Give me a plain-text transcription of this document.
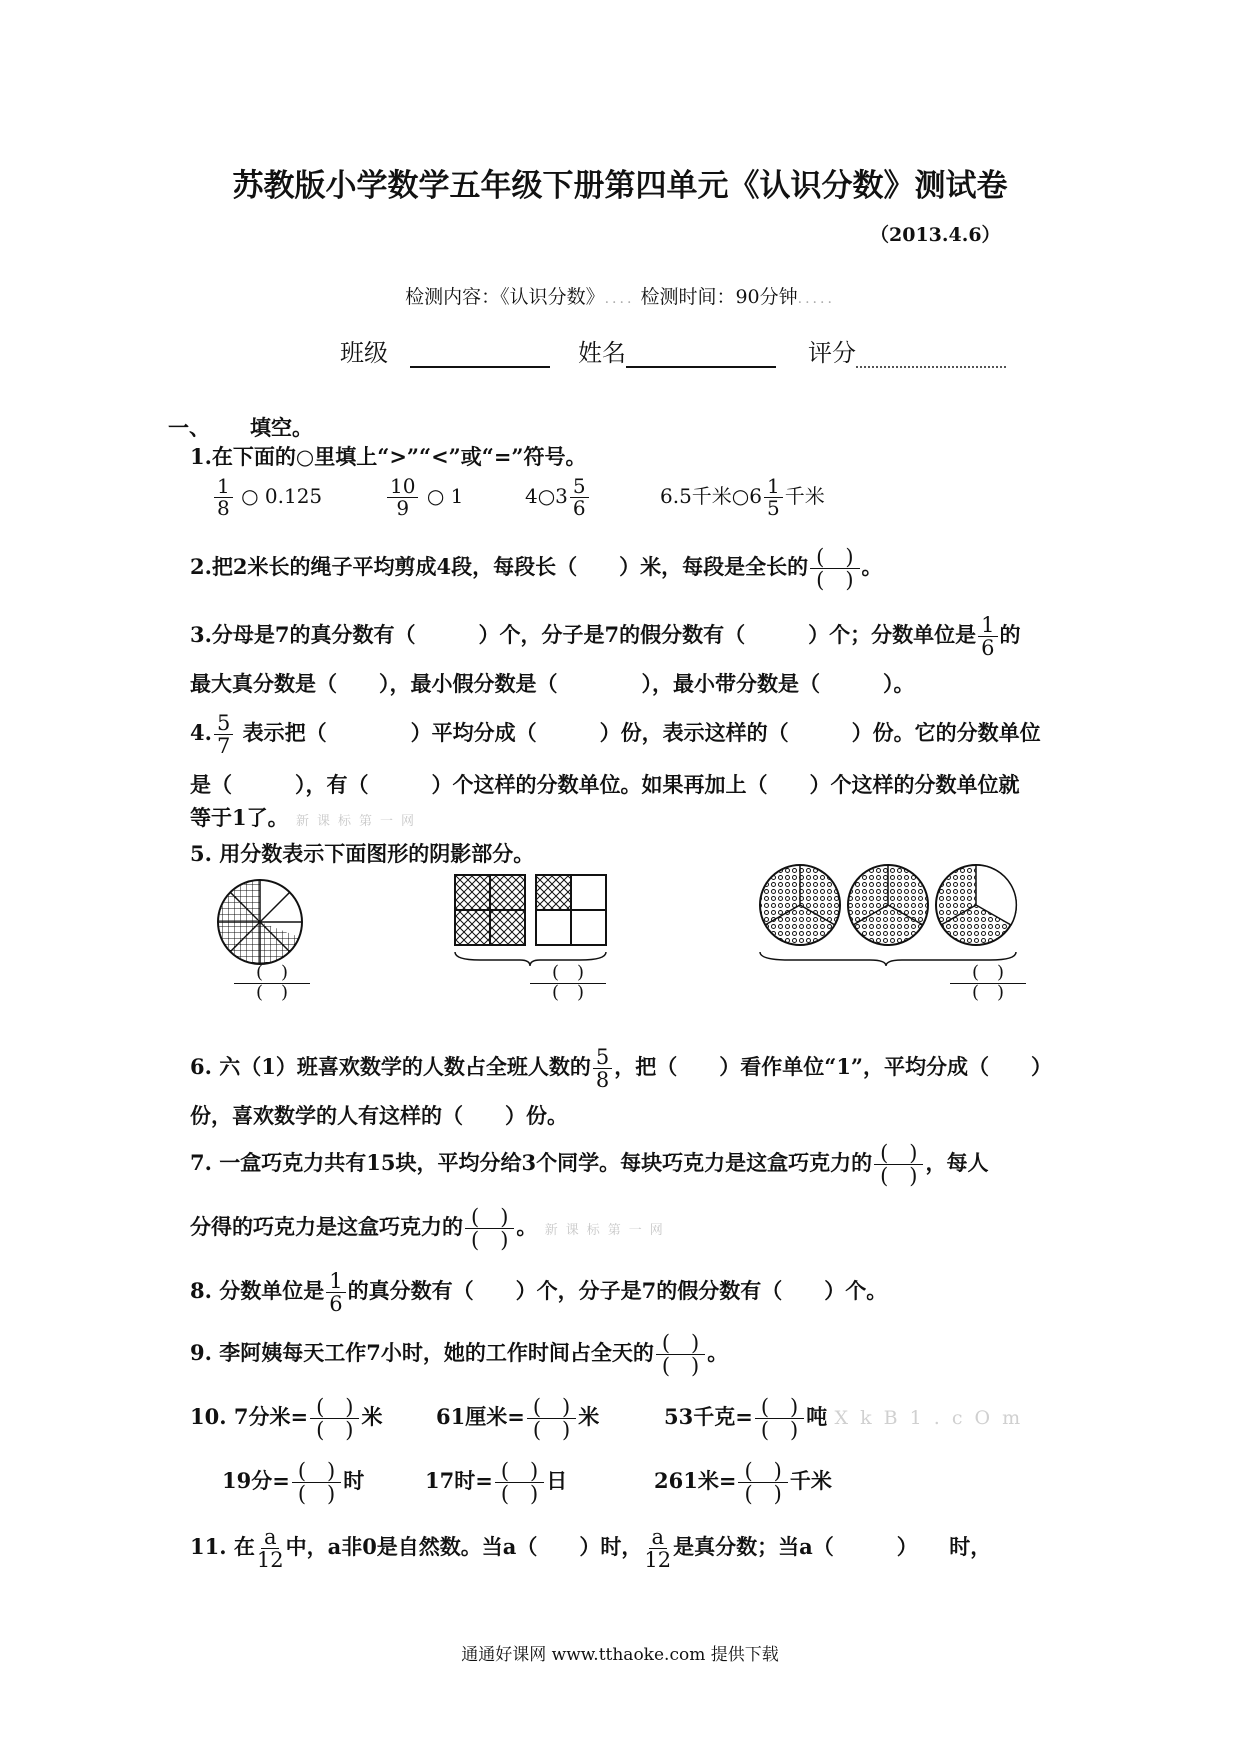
苏教版小学数学五年级下册第四单元《认识分数》测试卷
（2013.4.6）
检测内容：《认识分数》.... 检测时间：90分钟.....
班级	姓名	评分
一、 填空。
1.在下面的○里填上“>”“<”或“=”符号。
$\frac{1}{8}$ ○ 0.125	$\frac{10}{9}$ ○ 1	4○3 $\frac{5}{6}$	6.5千米○6 $\frac{1}{5}$ 千米
2.把2米长的绳子平均剪成4段，每段长（　　）米，每段是全长的 $\frac{( )}{( )}$ 。
3.分母是7的真分数有（　　　）个，分子是7的假分数有（　　　）个；分数单位是 $\frac{1}{6}$ 的
最大真分数是（　　），最小假分数是（　　　　），最小带分数是（　　　）。
4. $\frac{5}{7}$ 表示把（　　　　）平均分成（　　　）份，表示这样的（　　　）份。它的分数单位
是（　　　），有（　　　）个这样的分数单位。如果再加上（　　）个这样的分数单位就
等于1了。 新课标第一网
5. 用分数表示下面图形的阴影部分。
$\frac{( )}{( )}$	$\frac{( )}{( )}$	$\frac{( )}{( )}$
6. 六（1）班喜欢数学的人数占全班人数的 $\frac{5}{8}$ ，把（　　）看作单位“1”，平均分成（　　）
份，喜欢数学的人有这样的（　　）份。
7. 一盒巧克力共有15块，平均分给3个同学。每块巧克力是这盒巧克力的 $\frac{( )}{( )}$ ，每人
分得的巧克力是这盒巧克力的 $\frac{( )}{( )}$ 。 新课标第一网
8. 分数单位是 $\frac{1}{6}$ 的真分数有（　　）个，分子是7的假分数有（　　）个。
9. 李阿姨每天工作7小时，她的工作时间占全天的 $\frac{( )}{( )}$ 。
10. 7分米= $\frac{( )}{( )}$ 米	61厘米= $\frac{( )}{( )}$ 米	53千克= $\frac{( )}{( )}$ 吨 X k B 1 . c O m
19分= $\frac{( )}{( )}$ 时	17时= $\frac{( )}{( )}$ 日	261米= $\frac{( )}{( )}$ 千米
11. 在 $\frac{a}{12}$ 中，a非0是自然数。当a（　　）时， $\frac{a}{12}$ 是真分数；当a（　　　）　　时，
通通好课网 www.tthaoke.com 提供下载
